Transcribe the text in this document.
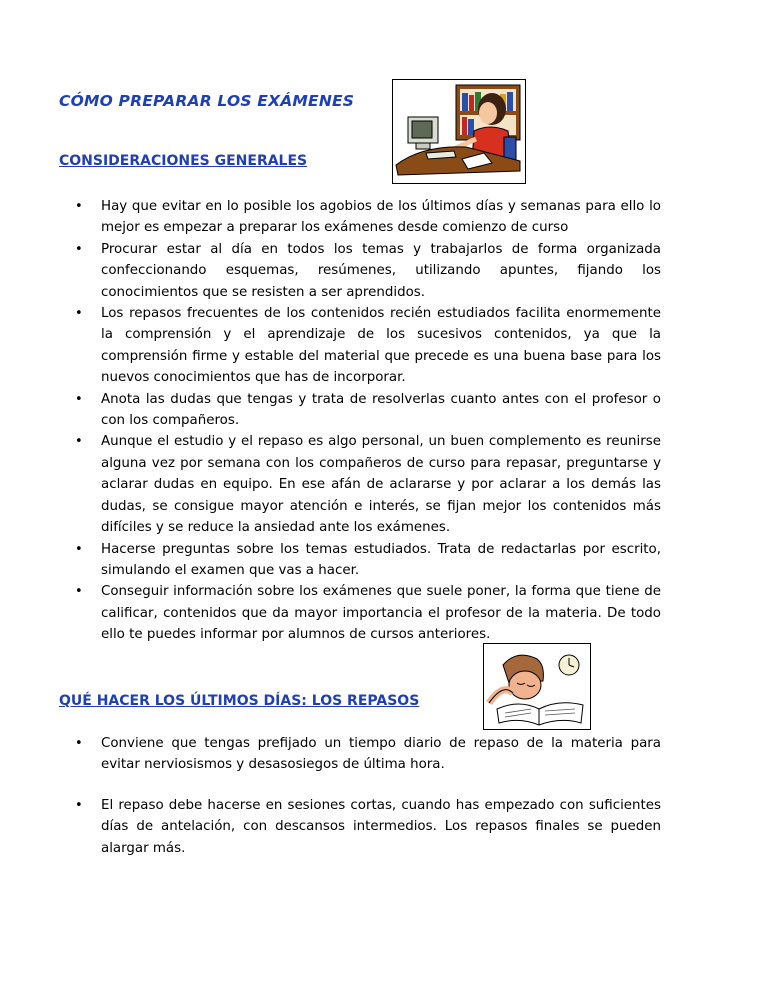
CÓMO PREPARAR LOS EXÁMENES
CONSIDERACIONES GENERALES
• Hay que evitar en lo posible los agobios de los últimos días y semanas para ello lo mejor es empezar a preparar los exámenes desde comienzo de curso
• Procurar estar al día en todos los temas y trabajarlos de forma organizada confeccionando esquemas, resúmenes, utilizando apuntes, fijando los conocimientos que se resisten a ser aprendidos.
• Los repasos frecuentes de los contenidos recién estudiados facilita enormemente la comprensión y el aprendizaje de los sucesivos contenidos, ya que la comprensión firme y estable del material que precede es una buena base para los nuevos conocimientos que has de incorporar.
• Anota las dudas que tengas y trata de resolverlas cuanto antes con el profesor o con los compañeros.
• Aunque el estudio y el repaso es algo personal, un buen complemento es reunirse alguna vez por semana con los compañeros de curso para repasar, preguntarse y aclarar dudas en equipo. En ese afán de aclararse y por aclarar a los demás las dudas, se consigue mayor atención e interés, se fijan mejor los contenidos más difíciles y se reduce la ansiedad ante los exámenes.
• Hacerse preguntas sobre los temas estudiados. Trata de redactarlas por escrito, simulando el examen que vas a hacer.
• Conseguir información sobre los exámenes que suele poner, la forma que tiene de calificar, contenidos que da mayor importancia el profesor de la materia. De todo ello te puedes informar por alumnos de cursos anteriores.
QUÉ HACER LOS ÚLTIMOS DÍAS: LOS REPASOS
• Conviene que tengas prefijado un tiempo diario de repaso de la materia para evitar nerviosismos y desasosiegos de última hora.
• El repaso debe hacerse en sesiones cortas, cuando has empezado con suficientes días de antelación, con descansos intermedios. Los repasos finales se pueden alargar más.
